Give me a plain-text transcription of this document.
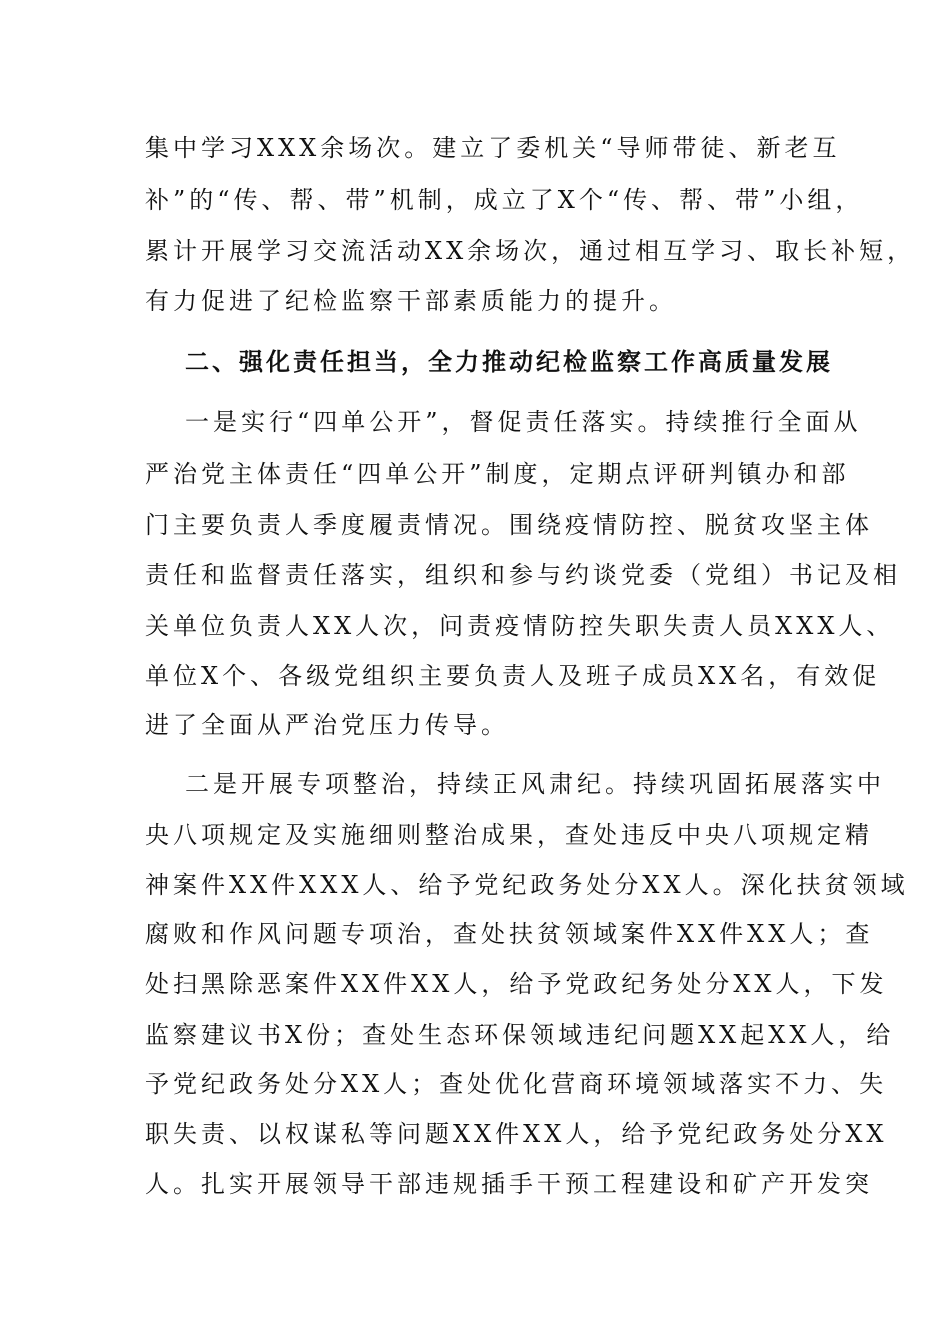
集中学习XXX余场次。建立了委机关“导师带徒、新老互
补”的“传、帮、带”机制，成立了X个“传、帮、带”小组，
累计开展学习交流活动XX余场次，通过相互学习、取长补短，
有力促进了纪检监察干部素质能力的提升。
二、强化责任担当，全力推动纪检监察工作高质量发展
一是实行“四单公开”，督促责任落实。持续推行全面从
严治党主体责任“四单公开”制度，定期点评研判镇办和部
门主要负责人季度履责情况。围绕疫情防控、脱贫攻坚主体
责任和监督责任落实，组织和参与约谈党委（党组）书记及相
关单位负责人XX人次，问责疫情防控失职失责人员XXX人、
单位X个、各级党组织主要负责人及班子成员XX名，有效促
进了全面从严治党压力传导。
二是开展专项整治，持续正风肃纪。持续巩固拓展落实中
央八项规定及实施细则整治成果，查处违反中央八项规定精
神案件XX件XXX人、给予党纪政务处分XX人。深化扶贫领域
腐败和作风问题专项治，查处扶贫领域案件XX件XX人；查
处扫黑除恶案件XX件XX人，给予党政纪务处分XX人，下发
监察建议书X份；查处生态环保领域违纪问题XX起XX人，给
予党纪政务处分XX人；查处优化营商环境领域落实不力、失
职失责、以权谋私等问题XX件XX人，给予党纪政务处分XX
人。扎实开展领导干部违规插手干预工程建设和矿产开发突
